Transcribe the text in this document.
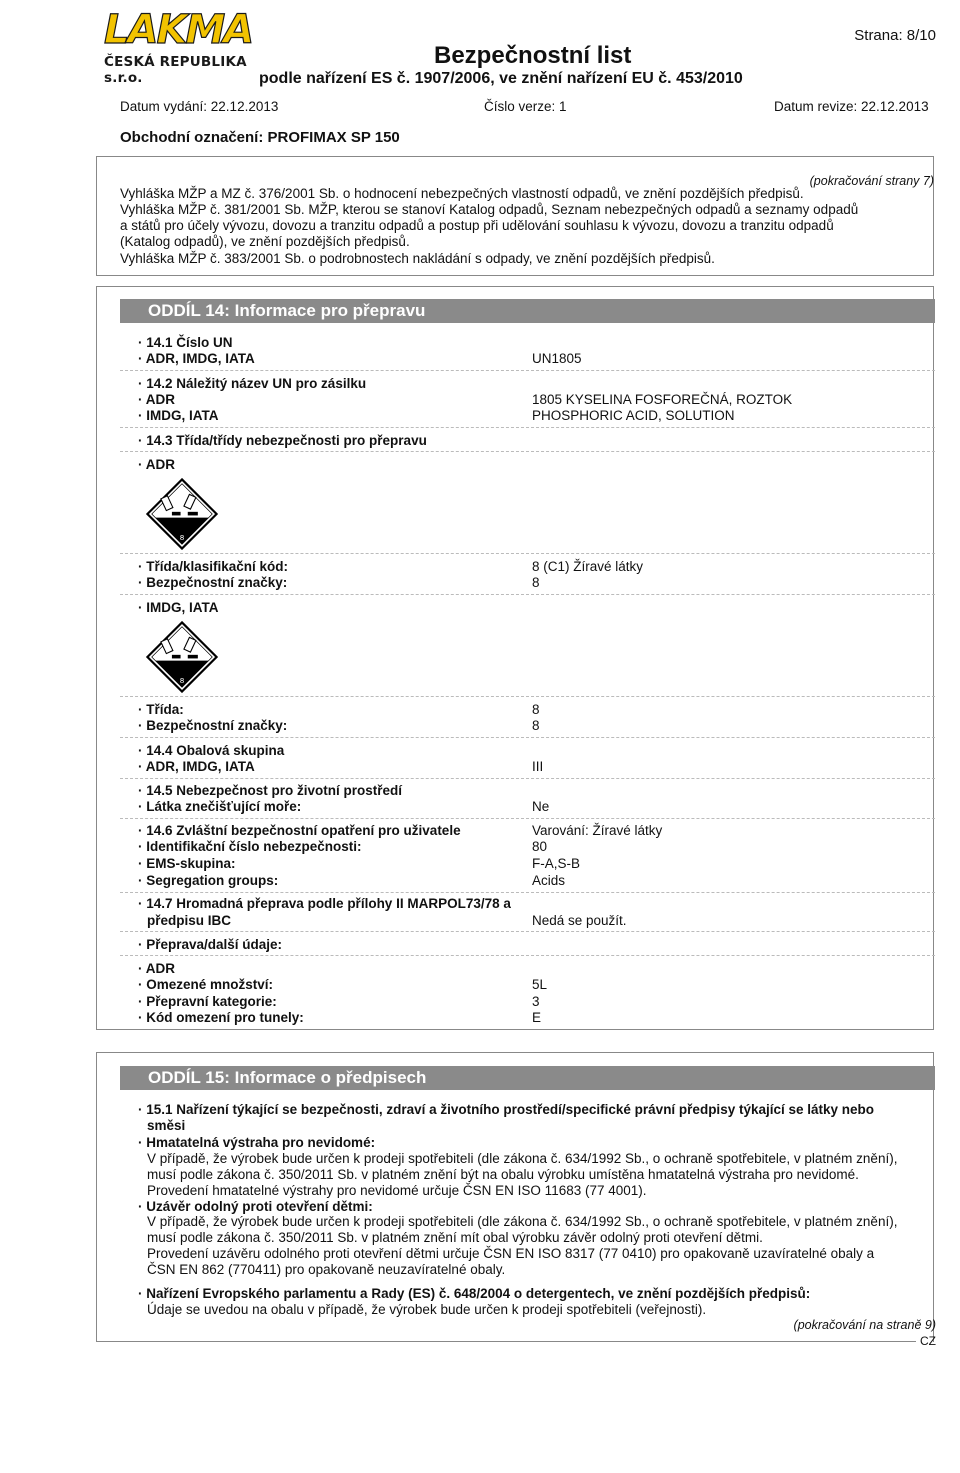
LAKMA
ČESKÁ REPUBLIKA s.r.o.
Strana: 8/10
Bezpečnostní list
podle nařízení ES č. 1907/2006, ve znění nařízení EU č. 453/2010
Datum vydání: 22.12.2013	Číslo verze: 1	Datum revize: 22.12.2013
Obchodní označení: PROFIMAX SP 150
(pokračování strany 7)
Vyhláška MŽP a MZ č. 376/2001 Sb. o hodnocení nebezpečných vlastností odpadů, ve znění pozdějších předpisů.
Vyhláška MŽP č. 381/2001 Sb. MŽP, kterou se stanoví Katalog odpadů, Seznam nebezpečných odpadů a seznamy odpadů
a států pro účely vývozu, dovozu a tranzitu odpadů a postup při udělování souhlasu k vývozu, dovozu a tranzitu odpadů
(Katalog odpadů), ve znění pozdějších předpisů.
Vyhláška MŽP č. 383/2001 Sb. o podrobnostech nakládání s odpady, ve znění pozdějších předpisů.
ODDÍL 14: Informace pro přepravu
· 14.1 Číslo UN
· ADR, IMDG, IATA	UN1805
· 14.2 Náležitý název UN pro zásilku
· ADR	1805 KYSELINA FOSFOREČNÁ, ROZTOK
· IMDG, IATA	PHOSPHORIC ACID, SOLUTION
· 14.3 Třída/třídy nebezpečnosti pro přepravu
· ADR
8
· Třída/klasifikační kód:	8 (C1) Žíravé látky
· Bezpečnostní značky:	8
· IMDG, IATA
8
· Třída:	8
· Bezpečnostní značky:	8
· 14.4 Obalová skupina
· ADR, IMDG, IATA	III
· 14.5 Nebezpečnost pro životní prostředí
· Látka znečišťující moře:	Ne
· 14.6 Zvláštní bezpečnostní opatření pro uživatele	Varování: Žíravé látky
· Identifikační číslo nebezpečnosti:	80
· EMS-skupina:	F-A,S-B
· Segregation groups:	Acids
· 14.7 Hromadná přeprava podle přílohy II MARPOL73/78 a
předpisu IBC	Nedá se použít.
· Přeprava/další údaje:
· ADR
· Omezené množství:	5L
· Přepravní kategorie:	3
· Kód omezení pro tunely:	E
ODDÍL 15: Informace o předpisech
· 15.1 Nařízení týkající se bezpečnosti, zdraví a životního prostředí/specifické právní předpisy týkající se látky nebo
směsi
· Hmatatelná výstraha pro nevidomé:
V případě, že výrobek bude určen k prodeji spotřebiteli (dle zákona č. 634/1992 Sb., o ochraně spotřebitele, v platném znění),
musí podle zákona č. 350/2011 Sb. v platném znění být na obalu výrobku umístěna hmatatelná výstraha pro nevidomé.
Provedení hmatatelné výstrahy pro nevidomé určuje ČSN EN ISO 11683 (77 4001).
· Uzávěr odolný proti otevření dětmi:
V případě, že výrobek bude určen k prodeji spotřebiteli (dle zákona č. 634/1992 Sb., o ochraně spotřebitele, v platném znění),
musí podle zákona č. 350/2011 Sb. v platném znění mít obal výrobku závěr odolný proti otevření dětmi.
Provedení uzávěru odolného proti otevření dětmi určuje ČSN EN ISO 8317 (77 0410) pro opakovaně uzavíratelné obaly a
ČSN EN 862 (770411) pro opakovaně neuzavíratelné obaly.
· Nařízení Evropského parlamentu a Rady (ES) č. 648/2004 o detergentech, ve znění pozdějších předpisů:
Údaje se uvedou na obalu v případě, že výrobek bude určen k prodeji spotřebiteli (veřejnosti).
(pokračování na straně 9)
CZ
